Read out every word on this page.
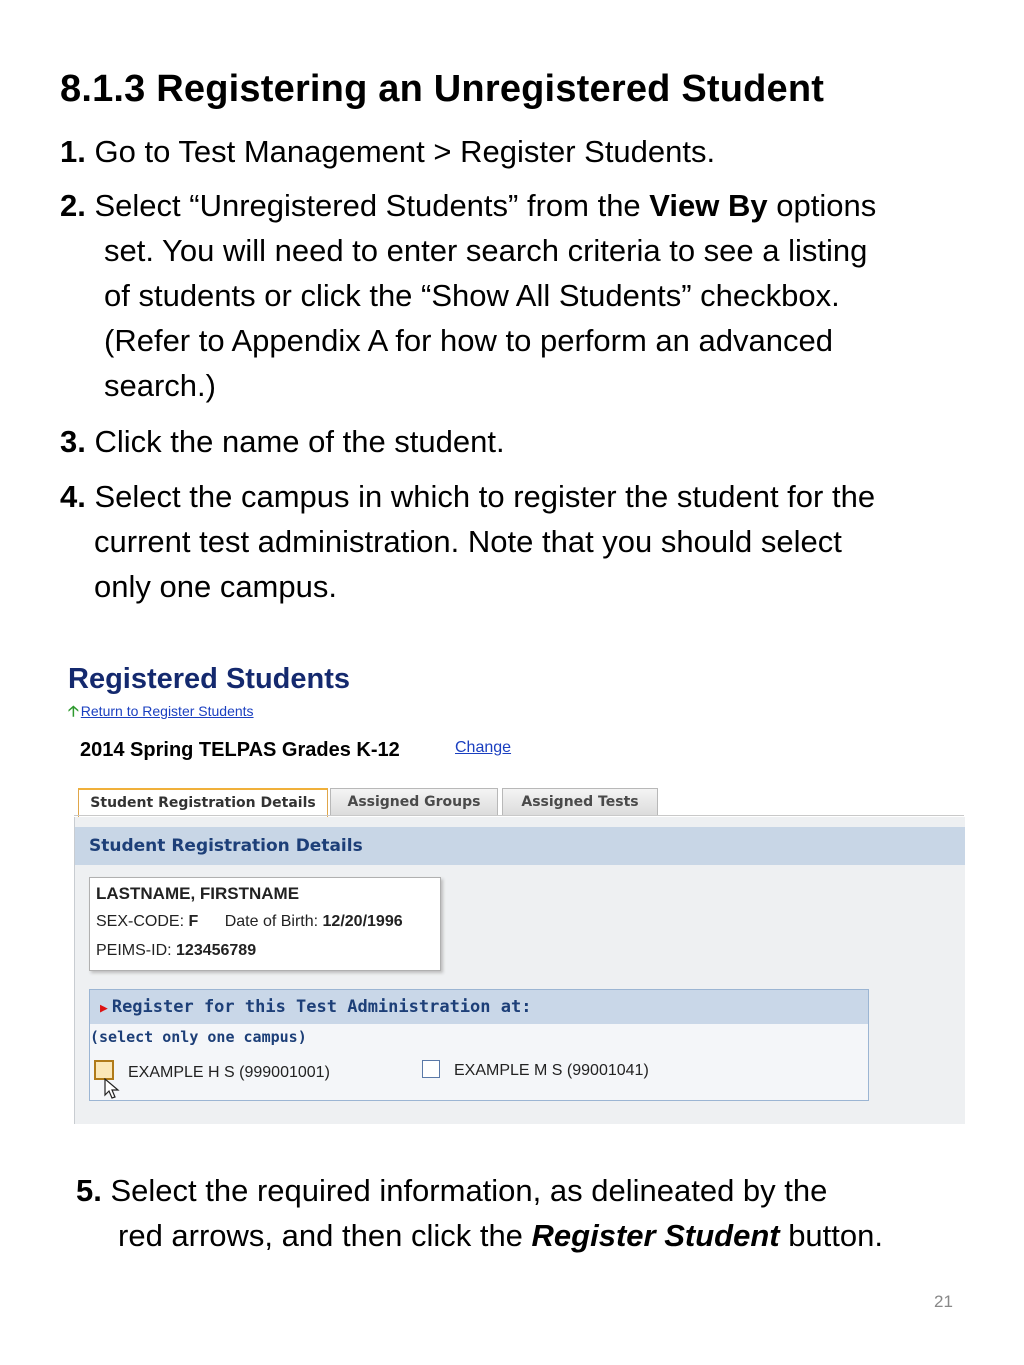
8.1.3 Registering an Unregistered Student
1. Go to Test Management > Register Students.
2. Select “Unregistered Students” from the View By options
set. You will need to enter search criteria to see a listing
of students or click the “Show All Students” checkbox.
(Refer to Appendix A for how to perform an advanced
search.)
3. Click the name of the student.
4. Select the campus in which to register the student for the
current test administration. Note that you should select
only one campus.
Registered Students
🡡 Return to Register Students
2014 Spring TELPAS Grades K-12	Change
Student Registration Details	Assigned Groups	Assigned Tests
Student Registration Details
LASTNAME, FIRSTNAME
SEX-CODE: F Date of Birth: 12/20/1996
PEIMS-ID: 123456789
▶ Register for this Test Administration at:
(select only one campus)
EXAMPLE H S (999001001)	EXAMPLE M S (99001041)
5. Select the required information, as delineated by the
red arrows, and then click the Register Student button.
21
